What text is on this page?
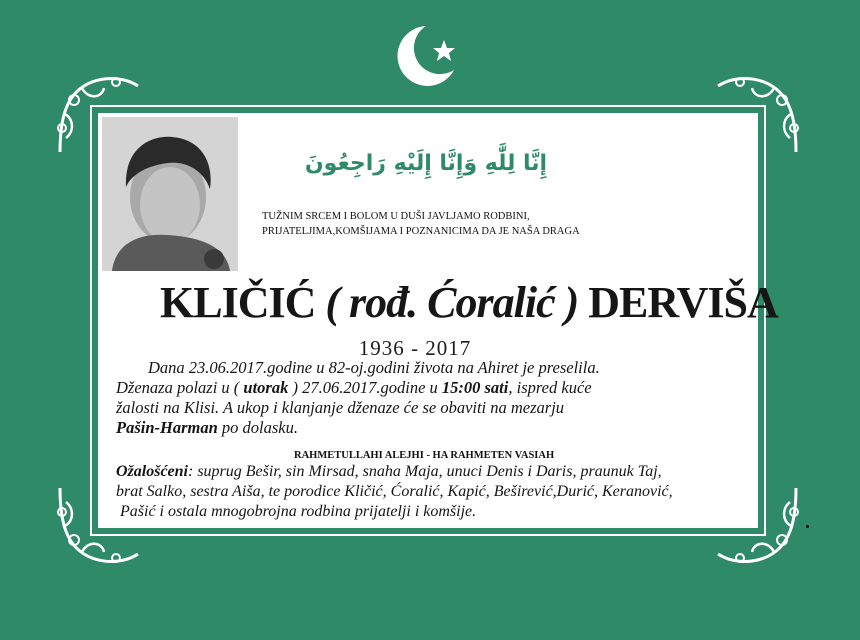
إِنَّا لِلَّٰهِ وَإِنَّا إِلَيْهِ رَاجِعُونَ

TUŽNIM SRCEM I BOLOM U DUŠI JAVLJAMO RODBINI,

PRIJATELJIMA,KOMŠIJAMA I POZNANICIMA DA JE NAŠA DRAGA

KLIČIĆ ( rođ. Ćoralić ) DERVIŠA
1936 - 2017

Dana 23.06.2017.godine u 82-oj.godini života na Ahiret je preselila.

Dženaza polazi u ( utorak ) 27.06.2017.godine u 15:00 sati, ispred kuće

žalosti na Klisi. A ukop i klanjanje dženaze će se obaviti na mezarju

Pašin-Harman po dolasku.

RAHMETULLAHI ALEJHI - HA RAHMETEN VASIAH

Ožalošćeni: suprug Bešir, sin Mirsad, snaha Maja, unuci Denis i Daris, praunuk Taj,

brat Salko, sestra Aiša, te porodice Kličić, Ćoralić, Kapić, Beširević,Durić, Keranović,

Pašić i ostala mnogobrojna rodbina prijatelji i komšije.
